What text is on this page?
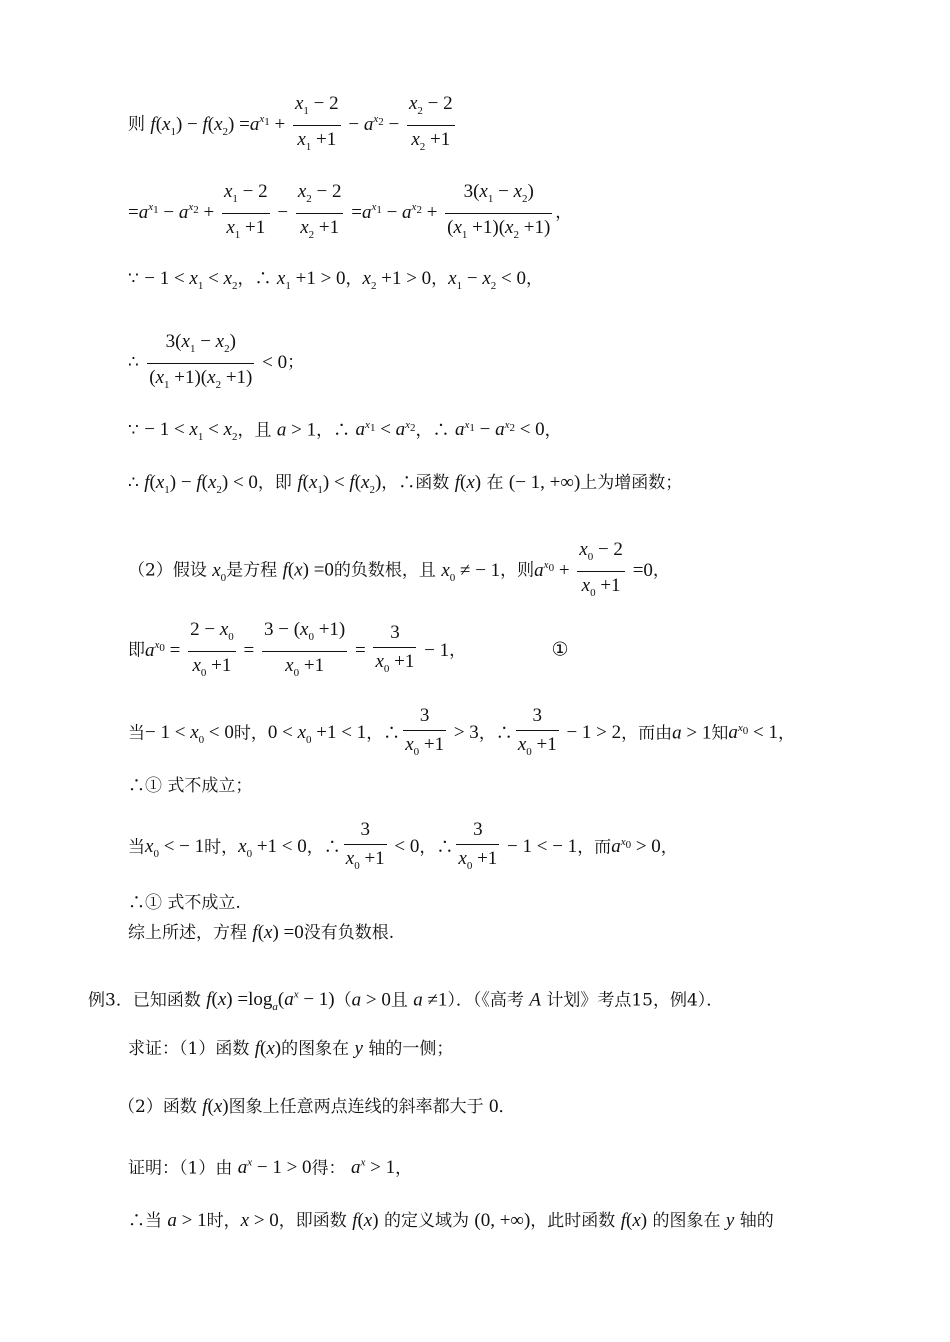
则 $f(x_1) - f(x_2) =a^{x_1} + \frac{x_1 - 2}{x_1 +1} - a^{x_2} - \frac{x_2 - 2}{x_2 +1}$
$=a^{x_1} - a^{x_2} + \frac{x_1 - 2}{x_1 +1} - \frac{x_2 - 2}{x_2 +1} =a^{x_1} - a^{x_2} + \frac{3(x_1 - x_2)}{(x_1 +1)(x_2 +1)}$ ，
∵ − $1 < x_1 < x_2$，∴ $x_1 +1 > 0$，$x_2 +1 > 0$，$x_1 - x_2 < 0$，
∴ $\frac{3(x_1 - x_2)}{(x_1 +1)(x_2 +1)} < 0$；
∵ − $1 < x_1 < x_2$，且 a > 1，∴ $a^{x_1} < a^{x_2}$，∴ $a^{x_1} - a^{x_2} < 0$，
∴ $f(x_1) - f(x_2) < 0$，即 $f(x_1) < f(x_2)$，∴函数 f(x) 在 (− 1, +∞)上为增函数；
（2）假设 $x_0$是方程 f(x) =0的负数根，且 $x_0$ ≠ − 1，则$a^{x_0} + \frac{x_0 - 2}{x_0 +1} =0$，
即$a^{x_0} = \frac{2 - x_0}{x_0 +1} = \frac{3 - (x_0 +1)}{x_0 +1} = \frac{3}{x_0 +1} - 1$，	①
当− $1 < x_0 < 0$时，$0 < x_0 +1 < 1$，∴ $\frac{3}{x_0 +1} > 3$，∴ $\frac{3}{x_0 +1} - 1 > 2$，而由a > 1知$a^{x_0} < 1$，
∴① 式不成立；
当$x_0$ < − 1时，$x_0 +1 < 0$，∴ $\frac{3}{x_0 +1} < 0$，∴ $\frac{3}{x_0 +1} - 1$ < − 1，而$a^{x_0} > 0$，
∴① 式不成立.
综上所述，方程 f(x) =0没有负数根.
例3．已知函数 $f(x) =\log_a(a^x - 1)(a > 0$且 a ≠1）．（《高考 A 计划》考点15，例4）．
求证：（1）函数 f(x)的图象在 y 轴的一侧；
（2）函数 f(x)图象上任意两点连线的斜率都大于 0．
证明：（1）由 $a^x - 1 > 0$得： $a^x > 1$，
∴当 a > 1时，x > 0，即函数 f(x) 的定义域为 (0, +∞)，此时函数 f(x) 的图象在 y 轴的
